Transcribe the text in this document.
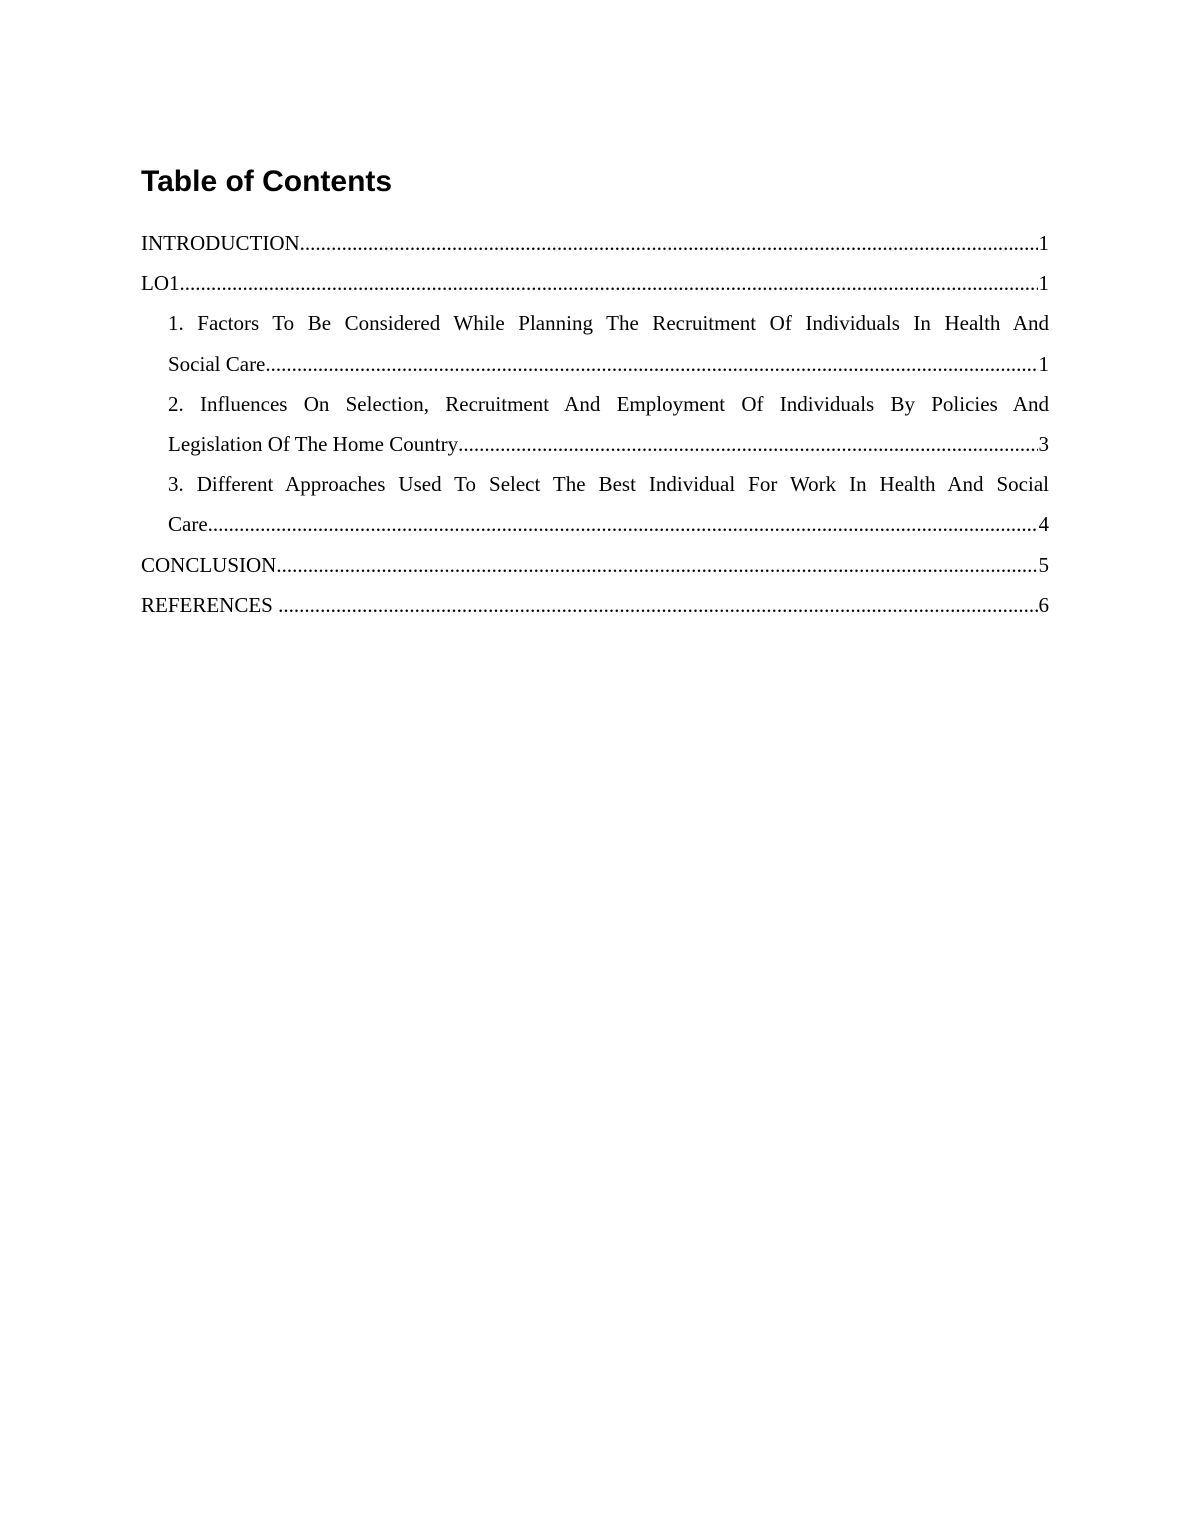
Table of Contents
INTRODUCTION .....	1
LO1 .....	1
1. Factors To Be Considered While Planning The Recruitment Of Individuals In Health And
Social Care .....	1
2. Influences On Selection, Recruitment And Employment Of Individuals By Policies And
Legislation Of The Home Country .....	3
3. Different Approaches Used To Select The Best Individual For Work In Health And Social
Care .....	4
CONCLUSION .....	5
REFERENCES .....	6
